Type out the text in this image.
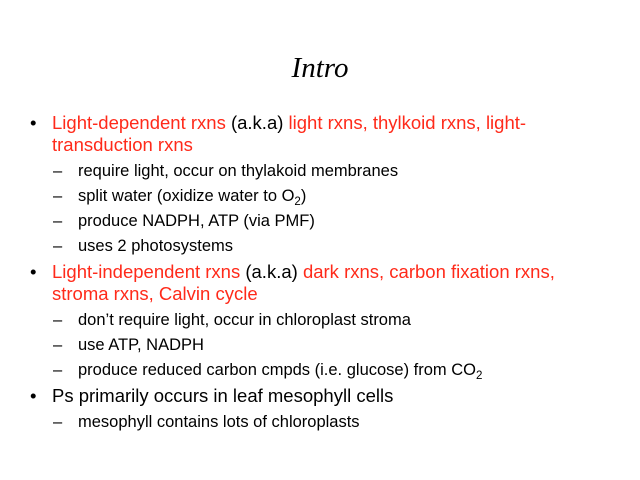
Intro
• Light-dependent rxns (a.k.a) light rxns, thylkoid rxns, light-transduction rxns
– require light, occur on thylakoid membranes
– split water (oxidize water to $O_2$)
– produce NADPH, ATP (via PMF)
– uses 2 photosystems
• Light-independent rxns (a.k.a) dark rxns, carbon fixation rxns, stroma rxns, Calvin cycle
– don’t require light, occur in chloroplast stroma
– use ATP, NADPH
– produce reduced carbon cmpds (i.e. glucose) from $CO_2$
• Ps primarily occurs in leaf mesophyll cells
– mesophyll contains lots of chloroplasts
